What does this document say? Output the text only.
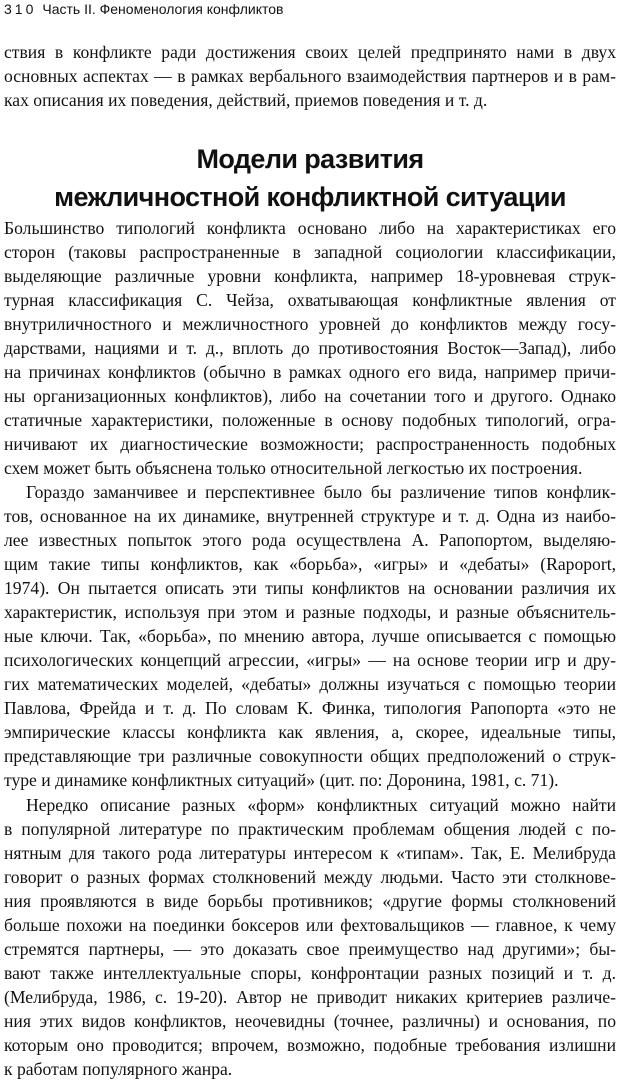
310 Часть II. Феноменология конфликтов
ствия в конфликте ради достижения своих целей предпринято нами в двух
основных аспектах — в рамках вербального взаимодействия партнеров и в рам-
ках описания их поведения, действий, приемов поведения и т. д.
Модели развития
межличностной конфликтной ситуации
Большинство типологий конфликта основано либо на характеристиках его
сторон (таковы распространенные в западной социологии классификации,
выделяющие различные уровни конфликта, например 18-уровневая струк-
турная классификация С. Чейза, охватывающая конфликтные явления от
внутриличностного и межличностного уровней до конфликтов между госу-
дарствами, нациями и т. д., вплоть до противостояния Восток—Запад), либо
на причинах конфликтов (обычно в рамках одного его вида, например причи-
ны организационных конфликтов), либо на сочетании того и другого. Однако
статичные характеристики, положенные в основу подобных типологий, огра-
ничивают их диагностические возможности; распространенность подобных
схем может быть объяснена только относительной легкостью их построения.
Гораздо заманчивее и перспективнее было бы различение типов конфлик-
тов, основанное на их динамике, внутренней структуре и т. д. Одна из наибо-
лее известных попыток этого рода осуществлена А. Рапопортом, выделяю-
щим такие типы конфликтов, как «борьба», «игры» и «дебаты» (Rapoport,
1974). Он пытается описать эти типы конфликтов на основании различия их
характеристик, используя при этом и разные подходы, и разные объяснитель-
ные ключи. Так, «борьба», по мнению автора, лучше описывается с помощью
психологических концепций агрессии, «игры» — на основе теории игр и дру-
гих математических моделей, «дебаты» должны изучаться с помощью теории
Павлова, Фрейда и т. д. По словам К. Финка, типология Рапопорта «это не
эмпирические классы конфликта как явления, а, скорее, идеальные типы,
представляющие три различные совокупности общих предположений о струк-
туре и динамике конфликтных ситуаций» (цит. по: Доронина, 1981, с. 71).
Нередко описание разных «форм» конфликтных ситуаций можно найти
в популярной литературе по практическим проблемам общения людей с по-
нятным для такого рода литературы интересом к «типам». Так, Е. Мелибруда
говорит о разных формах столкновений между людьми. Часто эти столкнове-
ния проявляются в виде борьбы противников; «другие формы столкновений
больше похожи на поединки боксеров или фехтовальщиков — главное, к чему
стремятся партнеры, — это доказать свое преимущество над другими»; бы-
вают также интеллектуальные споры, конфронтации разных позиций и т. д.
(Мелибруда, 1986, с. 19-20). Автор не приводит никаких критериев различе-
ния этих видов конфликтов, неочевидны (точнее, различны) и основания, по
которым оно проводится; впрочем, возможно, подобные требования излишни
к работам популярного жанра.
